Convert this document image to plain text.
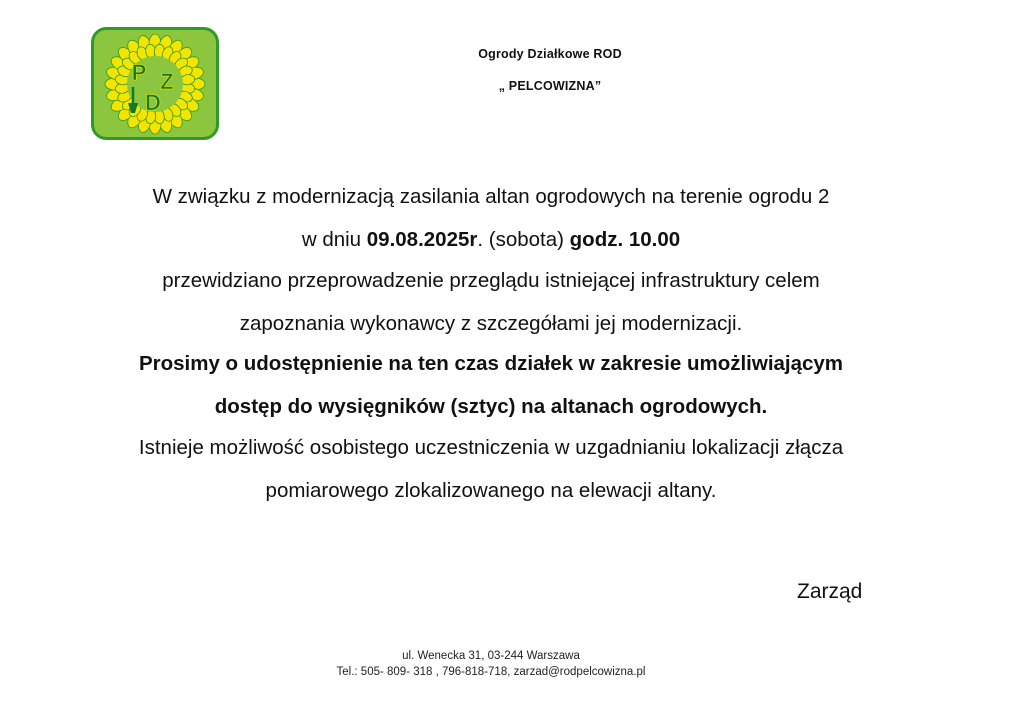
P Z
D
Ogrody Działkowe ROD
„ PELCOWIZNA”
W związku z modernizacją zasilania altan ogrodowych na terenie ogrodu 2
w dniu 09.08.2025r. (sobota) godz. 10.00
przewidziano przeprowadzenie przeglądu istniejącej infrastruktury celem
zapoznania wykonawcy z szczegółami jej modernizacji.
Prosimy o udostępnienie na ten czas działek w zakresie umożliwiającym
dostęp do wysięgników (sztyc) na altanach ogrodowych.
Istnieje możliwość osobistego uczestniczenia w uzgadnianiu lokalizacji złącza
pomiarowego zlokalizowanego na elewacji altany.
Zarząd
ul. Wenecka 31, 03-244 Warszawa
Tel.: 505- 809- 318 , 796-818-718, zarzad@rodpelcowizna.pl
